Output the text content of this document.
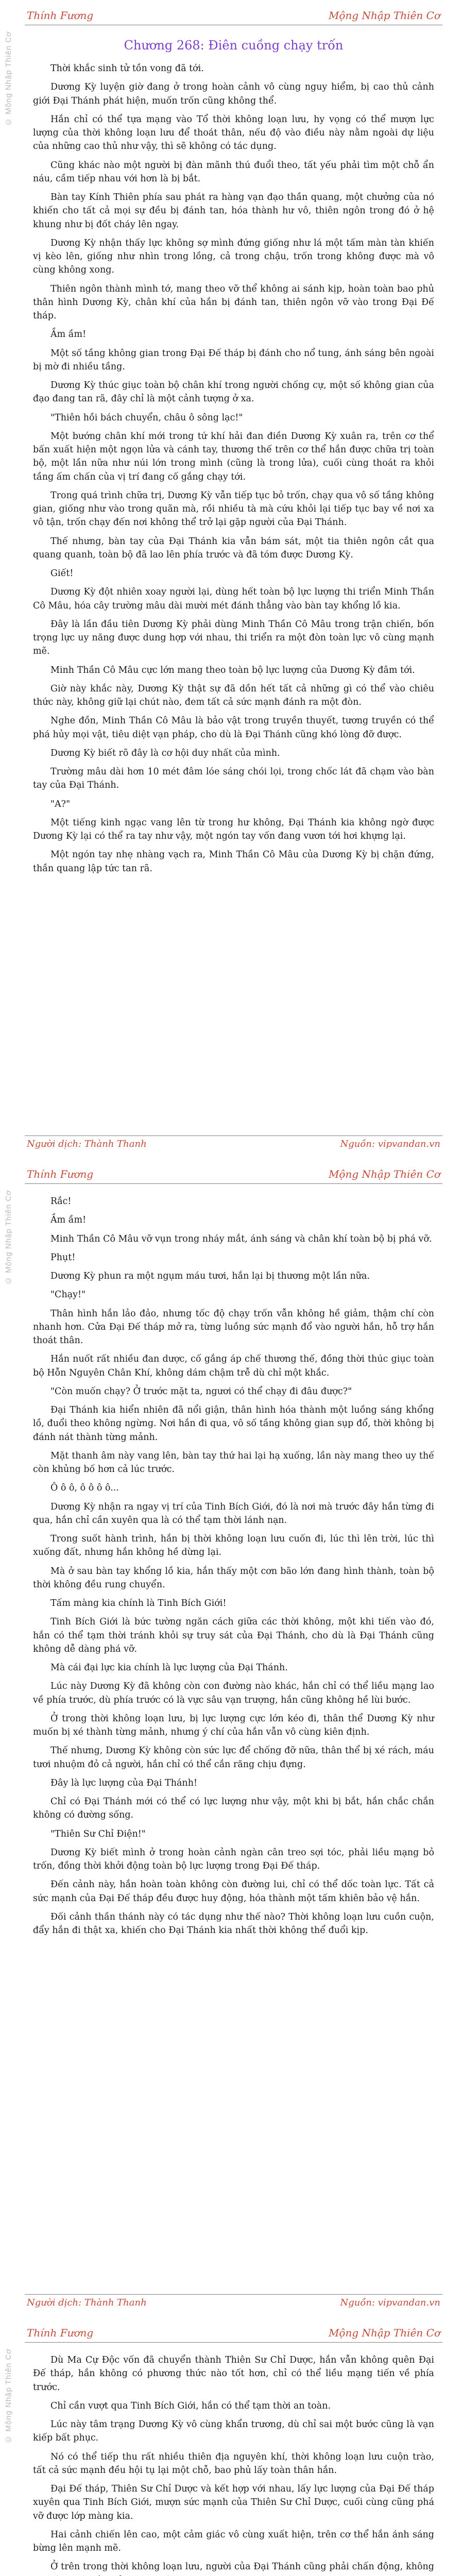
© Mộng Nhập Thiên Cơ
Thính Fương	Mộng Nhập Thiên Cơ
Chương 268: Điên cuồng chạy trốn

Thời khắc sinh tử tồn vong đã tới.

Dương Kỳ luyện giờ đang ở trong hoàn cảnh vô cùng nguy hiểm, bị cao thủ cảnh giới Đại Thánh phát hiện, muốn trốn cũng không thể.

Hắn chỉ có thể tựa mạng vào Tổ thời không loạn lưu, hy vọng có thể mượn lực lượng của thời không loạn lưu để thoát thân, nếu độ vào điều này nằm ngoài dự liệu của những cao thủ như vậy, thì sẽ không có tác dụng.

Cũng khác nào một người bị đàn mãnh thú đuổi theo, tất yếu phải tìm một chỗ ẩn náu, cầm tiếp nhau với hơn là bị bắt.

Bàn tay Kính Thiên phía sau phát ra hàng vạn đạo thần quang, một chưởng của nó khiến cho tất cả mọi sự đều bị đánh tan, hóa thành hư vô, thiên ngôn trong đó ở hệ khung như bị đốt cháy lên ngay.

Dương Kỳ nhận thấy lực không sợ mình đứng giống như lá một tấm màn tàn khiến vị kèo lên, giống như nhìn trong lồng, cả trong chậu, trốn trong không được mà vô cùng không xong.

Thiên ngôn thành mình tớ, mang theo vỡ thể không ai sánh kịp, hoàn toàn bao phủ thân hình Dương Kỳ, chân khí của hắn bị đánh tan, thiên ngôn vỡ vào trong Đại Đế tháp.

Ầm ầm!

Một số tầng không gian trong Đại Đế tháp bị đánh cho nổ tung, ánh sáng bên ngoài bị mờ đi nhiều tầng.

Dương Kỳ thúc giục toàn bộ chân khí trong người chống cự, một số không gian của đạo đang tan rã, đây chỉ là một cảnh tượng ở xa.

"Thiên hồi bách chuyển, châu ô sông lạc!"

Một bướng chân khí mới trong tứ khí hải đan điền Dương Kỳ xuân ra, trên cơ thể bấn xuất hiện một ngọn lửa và cánh tay, thương thế trên cơ thể hắn được chữa trị toàn bộ, một lần nữa như núi lớn trong mình (cũng là trong lửa), cuối cùng thoát ra khỏi tầng ấm chấn của vị trí đang cố gắng chạy tới.

Trong quá trình chữa trị, Dương Kỳ vẫn tiếp tục bỏ trốn, chạy qua vô số tầng không gian, giống như vào trong quãn mà, rồi nhiều tà mà cứu khỏi lại tiếp tục bay về nơi xa vô tận, trốn chạy đến nơi không thể trở lại gặp người của Đại Thánh.

Thế nhưng, bàn tay của Đại Thánh kia vẫn bám sát, một tia thiên ngôn cắt qua quang quanh, toàn bộ đã lao lên phía trước và đã tóm được Dương Kỳ.

Giết!

Dương Kỳ đột nhiên xoay người lại, dùng hết toàn bộ lực lượng thi triển Minh Thần Cô Mâu, hóa cây trường mâu dài mười mét đánh thẳng vào bàn tay khổng lồ kia.

Đây là lần đầu tiên Dương Kỳ phải dùng Minh Thần Cô Mâu trong trận chiến, bốn trọng lực uy năng được dung hợp với nhau, thi triển ra một đòn toàn lực vô cùng mạnh mẽ.

Minh Thần Cô Mâu cực lớn mang theo toàn bộ lực lượng của Dương Kỳ đâm tới.

Giờ này khắc này, Dương Kỳ thật sự đã dồn hết tất cả những gì có thể vào chiêu thức này, không giữ lại chút nào, đem tất cả sức mạnh đánh ra một đòn.

Nghe đồn, Minh Thần Cô Mâu là bảo vật trong truyền thuyết, tương truyền có thể phá hủy mọi vật, tiêu diệt vạn pháp, cho dù là Đại Thánh cũng khó lòng đỡ được.

Dương Kỳ biết rõ đây là cơ hội duy nhất của mình.

Trường mâu dài hơn 10 mét đâm lóe sáng chói lọi, trong chốc lát đã chạm vào bàn tay của Đại Thánh.

"A?"

Một tiếng kinh ngạc vang lên từ trong hư không, Đại Thánh kia không ngờ được Dương Kỳ lại có thể ra tay như vậy, một ngón tay vốn đang vươn tới hơi khựng lại.

Một ngón tay nhẹ nhàng vạch ra, Minh Thần Cô Mâu của Dương Kỳ bị chặn đứng, thần quang lập tức tan rã.

Người dịch: Thành Thanh	Nguồn: vipvandan.vn
© Mộng Nhập Thiên Cơ
Thính Fương	Mộng Nhập Thiên Cơ

Rắc!

Ầm ầm!

Minh Thần Cô Mâu vỡ vụn trong nháy mắt, ánh sáng và chân khí toàn bộ bị phá vỡ.

Phụt!

Dương Kỳ phun ra một ngụm máu tươi, hắn lại bị thương một lần nữa.

"Chạy!"

Thân hình hắn lảo đảo, nhưng tốc độ chạy trốn vẫn không hề giảm, thậm chí còn nhanh hơn. Cửa Đại Đế tháp mở ra, từng luồng sức mạnh đổ vào người hắn, hỗ trợ hắn thoát thân.

Hắn nuốt rất nhiều đan dược, cố gắng áp chế thương thế, đồng thời thúc giục toàn bộ Hỗn Nguyên Chân Khí, không dám chậm trễ dù chỉ một khắc.

"Còn muốn chạy? Ở trước mặt ta, ngươi có thể chạy đi đâu được?"

Đại Thánh kia hiển nhiên đã nổi giận, thân hình hóa thành một luồng sáng khổng lồ, đuổi theo không ngừng. Nơi hắn đi qua, vô số tầng không gian sụp đổ, thời không bị đánh nát thành từng mảnh.

Mặt thanh âm này vang lên, bàn tay thứ hai lại hạ xuống, lần này mang theo uy thế còn khủng bố hơn cả lúc trước.

Ô ô ô, ô ô ô ô...

Dương Kỳ nhận ra ngay vị trí của Tinh Bích Giới, đó là nơi mà trước đây hắn từng đi qua, hắn chỉ cần xuyên qua là có thể tạm thời lánh nạn.

Trong suốt hành trình, hắn bị thời không loạn lưu cuốn đi, lúc thì lên trời, lúc thì xuống đất, nhưng hắn không hề dừng lại.

Mà ở sau bàn tay khổng lồ kia, hắn thấy một cơn bão lớn đang hình thành, toàn bộ thời không đều rung chuyển.

Tấm màng kia chính là Tinh Bích Giới!

Tinh Bích Giới là bức tường ngăn cách giữa các thời không, một khi tiến vào đó, hắn có thể tạm thời tránh khỏi sự truy sát của Đại Thánh, cho dù là Đại Thánh cũng không dễ dàng phá vỡ.

Mà cái đại lực kia chính là lực lượng của Đại Thánh.

Lúc này Dương Kỳ đã không còn con đường nào khác, hắn chỉ có thể liều mạng lao về phía trước, dù phía trước có là vực sâu vạn trượng, hắn cũng không hề lùi bước.

Ở trong thời không loạn lưu, bị lực lượng cực lớn kéo đi, thân thể Dương Kỳ như muốn bị xé thành từng mảnh, nhưng ý chí của hắn vẫn vô cùng kiên định.

Thế nhưng, Dương Kỳ không còn sức lực để chống đỡ nữa, thân thể bị xé rách, máu tươi nhuộm đỏ cả người, hắn chỉ có thể cắn răng chịu đựng.

Đây là lực lượng của Đại Thánh!

Chỉ có Đại Thánh mới có thể có lực lượng như vậy, một khi bị bắt, hắn chắc chắn không có đường sống.

"Thiên Sư Chỉ Điện!"

Dương Kỳ biết mình ở trong hoàn cảnh ngàn cân treo sợi tóc, phải liều mạng bỏ trốn, đồng thời khởi động toàn bộ lực lượng trong Đại Đế tháp.

Đến cảnh này, hắn hoàn toàn không còn đường lui, chỉ có thể dốc toàn lực. Tất cả sức mạnh của Đại Đế tháp đều được huy động, hóa thành một tấm khiên bảo vệ hắn.

Đối cảnh thần thánh này có tác dụng như thế nào? Thời không loạn lưu cuồn cuộn, đẩy hắn đi thật xa, khiến cho Đại Thánh kia nhất thời không thể đuổi kịp.

Người dịch: Thành Thanh	Nguồn: vipvandan.vn
© Mộng Nhập Thiên Cơ
Thính Fương	Mộng Nhập Thiên Cơ

Dù Ma Cự Độc vốn đã chuyển thành Thiên Sư Chỉ Dược, hắn vẫn không quên Đại Đế tháp, hắn không có phương thức nào tốt hơn, chỉ có thể liều mạng tiến về phía trước.

Chỉ cần vượt qua Tinh Bích Giới, hắn có thể tạm thời an toàn.

Lúc này tâm trạng Dương Kỳ vô cùng khẩn trương, dù chỉ sai một bước cũng là vạn kiếp bất phục.

Nó có thể tiếp thu rất nhiều thiên địa nguyên khí, thời không loạn lưu cuộn trào, tất cả sức mạnh đều hội tụ lại một chỗ, bao phủ lấy toàn thân hắn.

Đại Đế tháp, Thiên Sư Chỉ Dược và kết hợp với nhau, lấy lực lượng của Đại Đế tháp xuyên qua Tinh Bích Giới, mượn sức mạnh của Thiên Sư Chỉ Dược, cuối cùng cũng phá vỡ được lớp màng kia.

Hai cảnh chiến lên cao, một cảm giác vô cùng xuất hiện, trên cơ thể hắn ánh sáng bừng lên mạnh mẽ.

Ở trên trong thời không loạn lưu, người của Đại Thánh cũng phải chấn động, không
